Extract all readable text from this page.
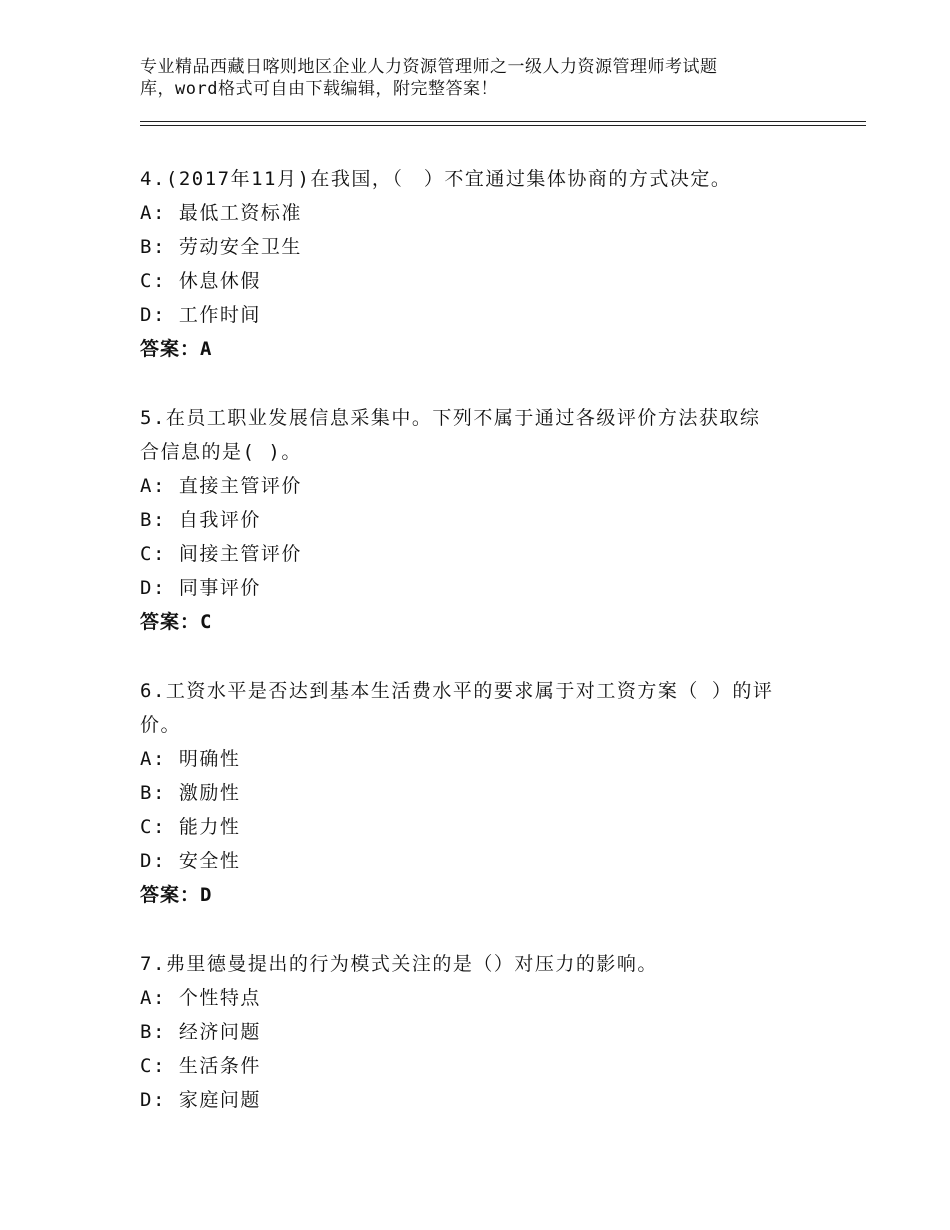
专业精品西藏日喀则地区企业人力资源管理师之一级人力资源管理师考试题
库，word格式可自由下载编辑，附完整答案！
4.(2017年11月)在我国，（　）不宜通过集体协商的方式决定。
A: 最低工资标准
B: 劳动安全卫生
C: 休息休假
D: 工作时间
答案：A
5.在员工职业发展信息采集中。下列不属于通过各级评价方法获取综
合信息的是( )。
A: 直接主管评价
B: 自我评价
C: 间接主管评价
D: 同事评价
答案：C
6.工资水平是否达到基本生活费水平的要求属于对工资方案（ ）的评
价。
A: 明确性
B: 激励性
C: 能力性
D: 安全性
答案：D
7.弗里德曼提出的行为模式关注的是（）对压力的影响。
A: 个性特点
B: 经济问题
C: 生活条件
D: 家庭问题
